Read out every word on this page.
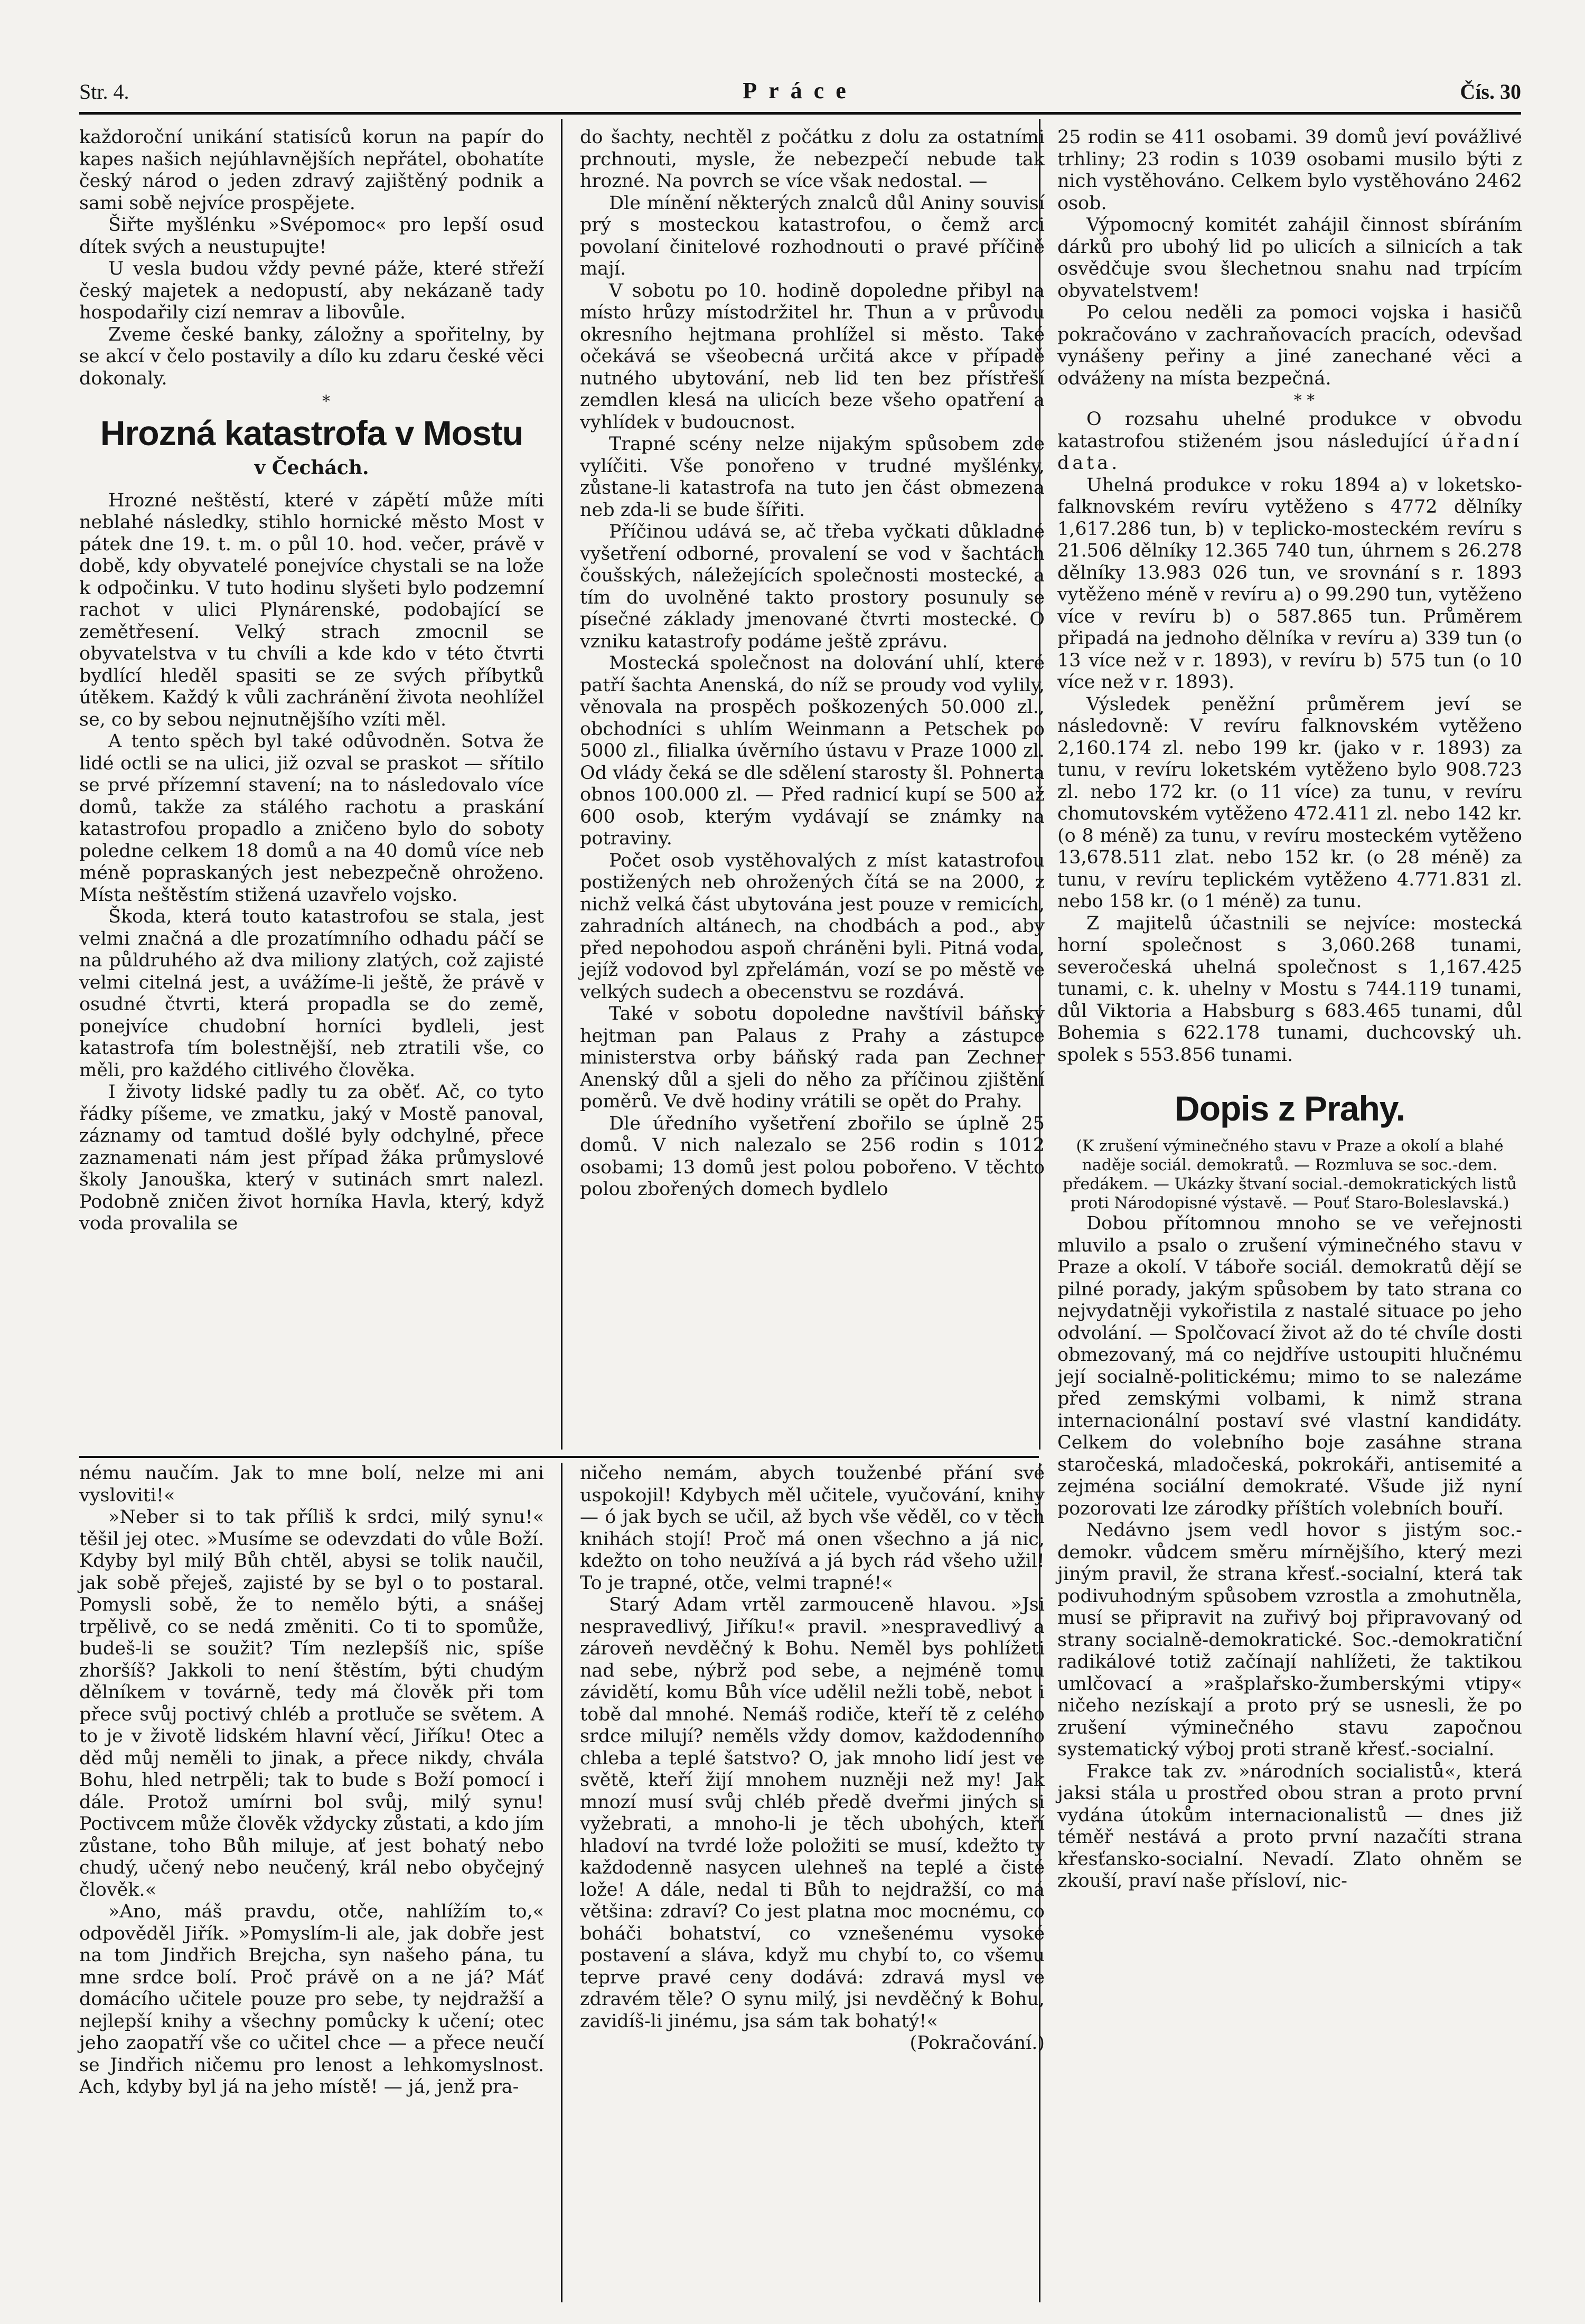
Str. 4.	Práce	Čís. 30

každoroční unikání statisíců korun na papír do kapes našich nejúhlavnějších nepřátel, obohatíte český národ o jeden zdravý zajištěný podnik a sami sobě nejvíce prospějete.

Šiřte myšlénku »Svépomoc« pro lepší osud dítek svých a neustupujte!

U vesla budou vždy pevné páže, které střeží český majetek a nedopustí, aby nekázaně tady hospodařily cizí nemrav a libovůle.

Zveme české banky, záložny a spořitelny, by se akcí v čelo postavily a dílo ku zdaru české věci dokonaly.

*

Hrozná katastrofa v Mostu
v Čechách.

Hrozné neštěstí, které v zápětí může míti neblahé následky, stihlo hornické město Most v pátek dne 19. t. m. o půl 10. hod. večer, právě v době, kdy obyvatelé ponejvíce chystali se na lože k odpočinku. V tuto hodinu slyšeti bylo podzemní rachot v ulici Plynárenské, podobající se zemětřesení. Velký strach zmocnil se obyvatelstva v tu chvíli a kde kdo v této čtvrti bydlící hleděl spasiti se ze svých příbytků útěkem. Každý k vůli zachránění života neohlížel se, co by sebou nejnutnějšího vzíti měl.

A tento spěch byl také odůvodněn. Sotva že lidé octli se na ulici, již ozval se praskot — sřítilo se prvé přízemní stavení; na to následovalo více domů, takže za stálého rachotu a praskání katastrofou propadlo a zničeno bylo do soboty poledne celkem 18 domů a na 40 domů více neb méně popraskaných jest nebezpečně ohroženo. Místa neštěstím stižená uzavřelo vojsko.

Škoda, která touto katastrofou se stala, jest velmi značná a dle prozatímního odhadu páčí se na půldruhého až dva miliony zlatých, což zajisté velmi citelná jest, a uvážíme-li ještě, že právě v osudné čtvrti, která propadla se do země, ponejvíce chudobní horníci bydleli, jest katastrofa tím bolestnější, neb ztratili vše, co měli, pro každého citlivého člověka.

I životy lidské padly tu za oběť. Ač, co tyto řádky píšeme, ve zmatku, jaký v Mostě panoval, záznamy od tamtud došlé byly odchylné, přece zaznamenati nám jest případ žáka průmyslové školy Janouška, který v sutinách smrt nalezl. Podobně zničen život horníka Havla, který, když voda provalila se

do šachty, nechtěl z počátku z dolu za ostatními prchnouti, mysle, že nebezpečí nebude tak hrozné. Na povrch se více však nedostal. —

Dle mínění některých znalců důl Aniny souvisí prý s mosteckou katastrofou, o čemž arci povolaní činitelové rozhodnouti o pravé příčině mají.

V sobotu po 10. hodině dopoledne přibyl na místo hrůzy místodržitel hr. Thun a v průvodu okresního hejtmana prohlížel si město. Také očekává se všeobecná určitá akce v případě nutného ubytování, neb lid ten bez přístřeší zemdlen klesá na ulicích beze všeho opatření a vyhlídek v budoucnost.

Trapné scény nelze nijakým spůsobem zde vylíčiti. Vše ponořeno v trudné myšlénky, zůstane-li katastrofa na tuto jen část obmezena neb zda-li se bude šířiti.

Příčinou udává se, ač třeba vyčkati důkladné vyšetření odborné, provalení se vod v šachtách čoušských, náležejících společnosti mostecké, a tím do uvolněné takto prostory posunuly se písečné základy jmenované čtvrti mostecké. O vzniku katastrofy podáme ještě zprávu.

Mostecká společnost na dolování uhlí, které patří šachta Anenská, do níž se proudy vod vylily, věnovala na prospěch poškozených 50.000 zl., obchodníci s uhlím Weinmann a Petschek po 5000 zl., filialka úvěrního ústavu v Praze 1000 zl. Od vlády čeká se dle sdělení starosty šl. Pohnerta obnos 100.000 zl. — Před radnicí kupí se 500 až 600 osob, kterým vydávají se známky na potraviny.

Počet osob vystěhovalých z míst katastrofou postižených neb ohrožených čítá se na 2000, z nichž velká část ubytována jest pouze v remicích, zahradních altánech, na chodbách a pod., aby před nepohodou aspoň chráněni byli. Pitná voda, jejíž vodovod byl zpřelámán, vozí se po městě ve velkých sudech a obecenstvu se rozdává.

Také v sobotu dopoledne navštívil báňský hejtman pan Palaus z Prahy a zástupce ministerstva orby báňský rada pan Zechner Anenský důl a sjeli do něho za příčinou zjištění poměrů. Ve dvě hodiny vrátili se opět do Prahy.

Dle úředního vyšetření zbořilo se úplně 25 domů. V nich nalezalo se 256 rodin s 1012 osobami; 13 domů jest polou pobořeno. V těchto polou zbořených domech bydlelo

25 rodin se 411 osobami. 39 domů jeví povážlivé trhliny; 23 rodin s 1039 osobami musilo býti z nich vystěhováno. Celkem bylo vystěhováno 2462 osob.

Výpomocný komitét zahájil činnost sbíráním dárků pro ubohý lid po ulicích a silnicích a tak osvědčuje svou šlechetnou snahu nad trpícím obyvatelstvem!

Po celou neděli za pomoci vojska i hasičů pokračováno v zachraňovacích pracích, odevšad vynášeny peřiny a jiné zanechané věci a odváženy na místa bezpečná.

* *

O rozsahu uhelné produkce v obvodu katastrofou stiženém jsou následující úřadní data.

Uhelná produkce v roku 1894 a) v loketsko-falknovském revíru vytěženo s 4772 dělníky 1,617.286 tun, b) v teplicko-mosteckém revíru s 21.506 dělníky 12.365 740 tun, úhrnem s 26.278 dělníky 13.983 026 tun, ve srovnání s r. 1893 vytěženo méně v revíru a) o 99.290 tun, vytěženo více v revíru b) o 587.865 tun. Průměrem připadá na jednoho dělníka v revíru a) 339 tun (o 13 více než v r. 1893), v revíru b) 575 tun (o 10 více než v r. 1893).

Výsledek peněžní průměrem jeví se následovně: V revíru falknovském vytěženo 2,160.174 zl. nebo 199 kr. (jako v r. 1893) za tunu, v revíru loketském vytěženo bylo 908.723 zl. nebo 172 kr. (o 11 více) za tunu, v revíru chomutovském vytěženo 472.411 zl. nebo 142 kr. (o 8 méně) za tunu, v revíru mosteckém vytěženo 13,678.511 zlat. nebo 152 kr. (o 28 méně) za tunu, v revíru teplickém vytěženo 4.771.831 zl. nebo 158 kr. (o 1 méně) za tunu.

Z majitelů účastnili se nejvíce: mostecká horní společnost s 3,060.268 tunami, severočeská uhelná společnost s 1,167.425 tunami, c. k. uhelny v Mostu s 744.119 tunami, důl Viktoria a Habsburg s 683.465 tunami, důl Bohemia s 622.178 tunami, duchcovský uh. spolek s 553.856 tunami.

Dopis z Prahy.

(K zrušení výminečného stavu v Praze a okolí a blahé naděje sociál. demokratů. — Rozmluva se soc.-dem. předákem. — Ukázky štvaní social.-demokratických listů proti Národopisné výstavě. — Pouť Staro-Boleslavská.)

Dobou přítomnou mnoho se ve veřejnosti mluvilo a psalo o zrušení výminečného stavu v Praze a okolí. V táboře sociál. demokratů dějí se pilné porady, jakým spůsobem by tato strana co nejvydatněji vykořistila z nastalé situace po jeho odvolání. — Spolčovací život až do té chvíle dosti obmezovaný, má co nejdříve ustoupiti hlučnému její socialně-politickému; mimo to se nalezáme před zemskými volbami, k nimž strana internacionální postaví své vlastní kandidáty. Celkem do volebního boje zasáhne strana staročeská, mladočeská, pokrokáři, antisemité a zejména sociální demokraté. Všude již nyní pozorovati lze zárodky příštích volebních bouří.

Nedávno jsem vedl hovor s jistým soc.-demokr. vůdcem směru mírnějšího, který mezi jiným pravil, že strana křesť.-socialní, která tak podivuhodným spůsobem vzrostla a zmohutněla, musí se připravit na zuřivý boj připravovaný od strany socialně-demokratické. Soc.-demokratiční radikálové totiž začínají nahlížeti, že taktikou umlčovací a »rašplařsko-žumberskými vtipy« ničeho nezískají a proto prý se usnesli, že po zrušení výminečného stavu započnou systematický výboj proti straně křesť.-socialní.

Frakce tak zv. »národních socialistů«, která jaksi stála u prostřed obou stran a proto první vydána útokům internacionalistů — dnes již téměř nestává a proto první nazačíti strana křesťansko-socialní. Nevadí. Zlato ohněm se zkouší, praví naše přísloví, nic-

nému naučím. Jak to mne bolí, nelze mi ani vysloviti!«

»Neber si to tak příliš k srdci, milý synu!« těšil jej otec. »Musíme se odevzdati do vůle Boží. Kdyby byl milý Bůh chtěl, abysi se tolik naučil, jak sobě přeješ, zajisté by se byl o to postaral. Pomysli sobě, že to nemělo býti, a snášej trpělivě, co se nedá změniti. Co ti to spomůže, budeš-li se soužit? Tím nezlepšíš nic, spíše zhoršíš? Jakkoli to není štěstím, býti chudým dělníkem v továrně, tedy má člověk při tom přece svůj poctivý chléb a protluče se světem. A to je v životě lidském hlavní věcí, Jiříku! Otec a děd můj neměli to jinak, a přece nikdy, chvála Bohu, hled netrpěli; tak to bude s Boží pomocí i dále. Protož umírni bol svůj, milý synu! Poctivcem může člověk vždycky zůstati, a kdo jím zůstane, toho Bůh miluje, ať jest bohatý nebo chudý, učený nebo neučený, král nebo obyčejný člověk.«

»Ano, máš pravdu, otče, nahlížím to,« odpověděl Jiřík. »Pomyslím-li ale, jak dobře jest na tom Jindřich Brejcha, syn našeho pána, tu mne srdce bolí. Proč právě on a ne já? Máť domácího učitele pouze pro sebe, ty nejdražší a nejlepší knihy a všechny pomůcky k učení; otec jeho zaopatří vše co učitel chce — a přece neučí se Jindřich ničemu pro lenost a lehkomyslnost. Ach, kdyby byl já na jeho místě! — já, jenž pra-

ničeho nemám, abych touženbé přání své uspokojil! Kdybych měl učitele, vyučování, knihy — ó jak bych se učil, až bych vše věděl, co v těch knihách stojí! Proč má onen všechno a já nic, kdežto on toho neužívá a já bych rád všeho užil! To je trapné, otče, velmi trapné!«

Starý Adam vrtěl zarmouceně hlavou. »Jsi nespravedlivý, Jiříku!« pravil. »nespravedlivý a zároveň nevděčný k Bohu. Neměl bys pohlížeti nad sebe, nýbrž pod sebe, a nejméně tomu závidětí, komu Bůh více udělil nežli tobě, nebot i tobě dal mnohé. Nemáš rodiče, kteří tě z celého srdce milují? neměls vždy domov, každodenního chleba a teplé šatstvo? O, jak mnoho lidí jest ve světě, kteří žijí mnohem nuzněji než my! Jak mnozí musí svůj chléb předě dveřmi jiných si vyžebrati, a mnoho-li je těch ubohých, kteří hladoví na tvrdé lože položiti se musí, kdežto ty každodenně nasycen ulehneš na teplé a čisté lože! A dále, nedal ti Bůh to nejdražší, co má většina: zdraví? Co jest platna moc mocnému, co boháči bohatství, co vznešenému vysoké postavení a sláva, když mu chybí to, co všemu teprve pravé ceny dodává: zdravá mysl ve zdravém těle? O synu milý, jsi nevděčný k Bohu, zavidíš-li jinému, jsa sám tak bohatý!«

(Pokračování.)
